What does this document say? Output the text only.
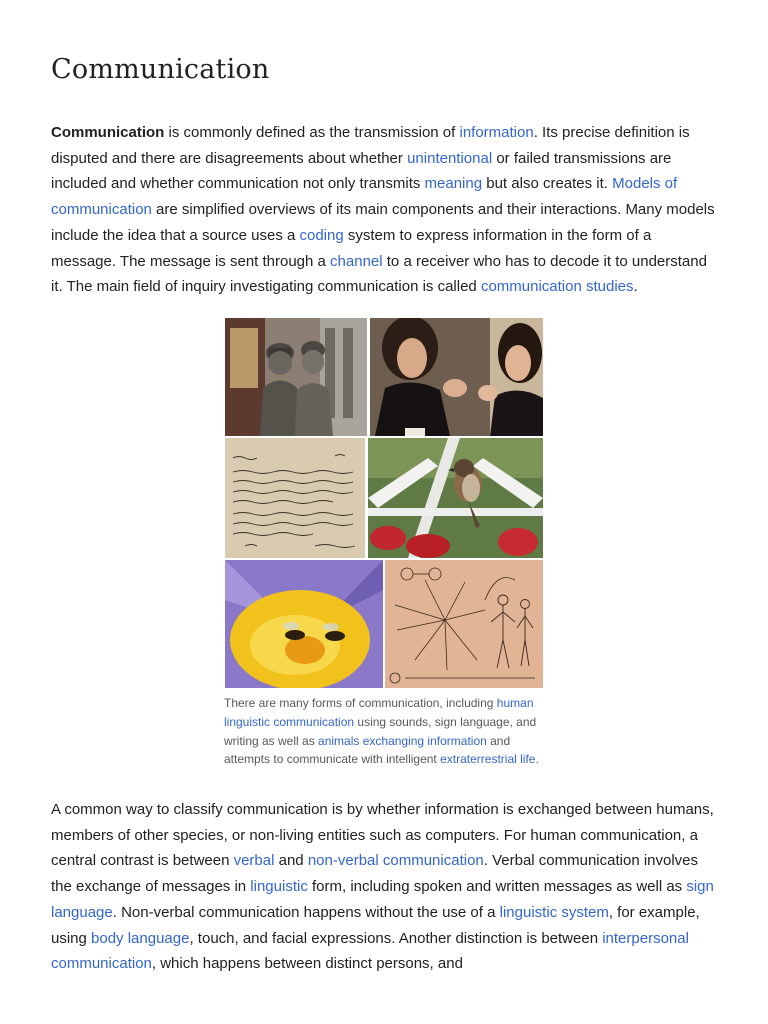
Communication

Communication is commonly defined as the transmission of information. Its precise definition is disputed and there are disagreements about whether unintentional or failed transmissions are included and whether communication not only transmits meaning but also creates it. Models of communication are simplified overviews of its main components and their interactions. Many models include the idea that a source uses a coding system to express information in the form of a message. The message is sent through a channel to a receiver who has to decode it to understand it. The main field of inquiry investigating communication is called communication studies.

There are many forms of communication, including human linguistic communication using sounds, sign language, and writing as well as animals exchanging information and attempts to communicate with intelligent extraterrestrial life.

A common way to classify communication is by whether information is exchanged between humans, members of other species, or non-living entities such as computers. For human communication, a central contrast is between verbal and non-verbal communication. Verbal communication involves the exchange of messages in linguistic form, including spoken and written messages as well as sign language. Non-verbal communication happens without the use of a linguistic system, for example, using body language, touch, and facial expressions. Another distinction is between interpersonal communication, which happens between distinct persons, and
